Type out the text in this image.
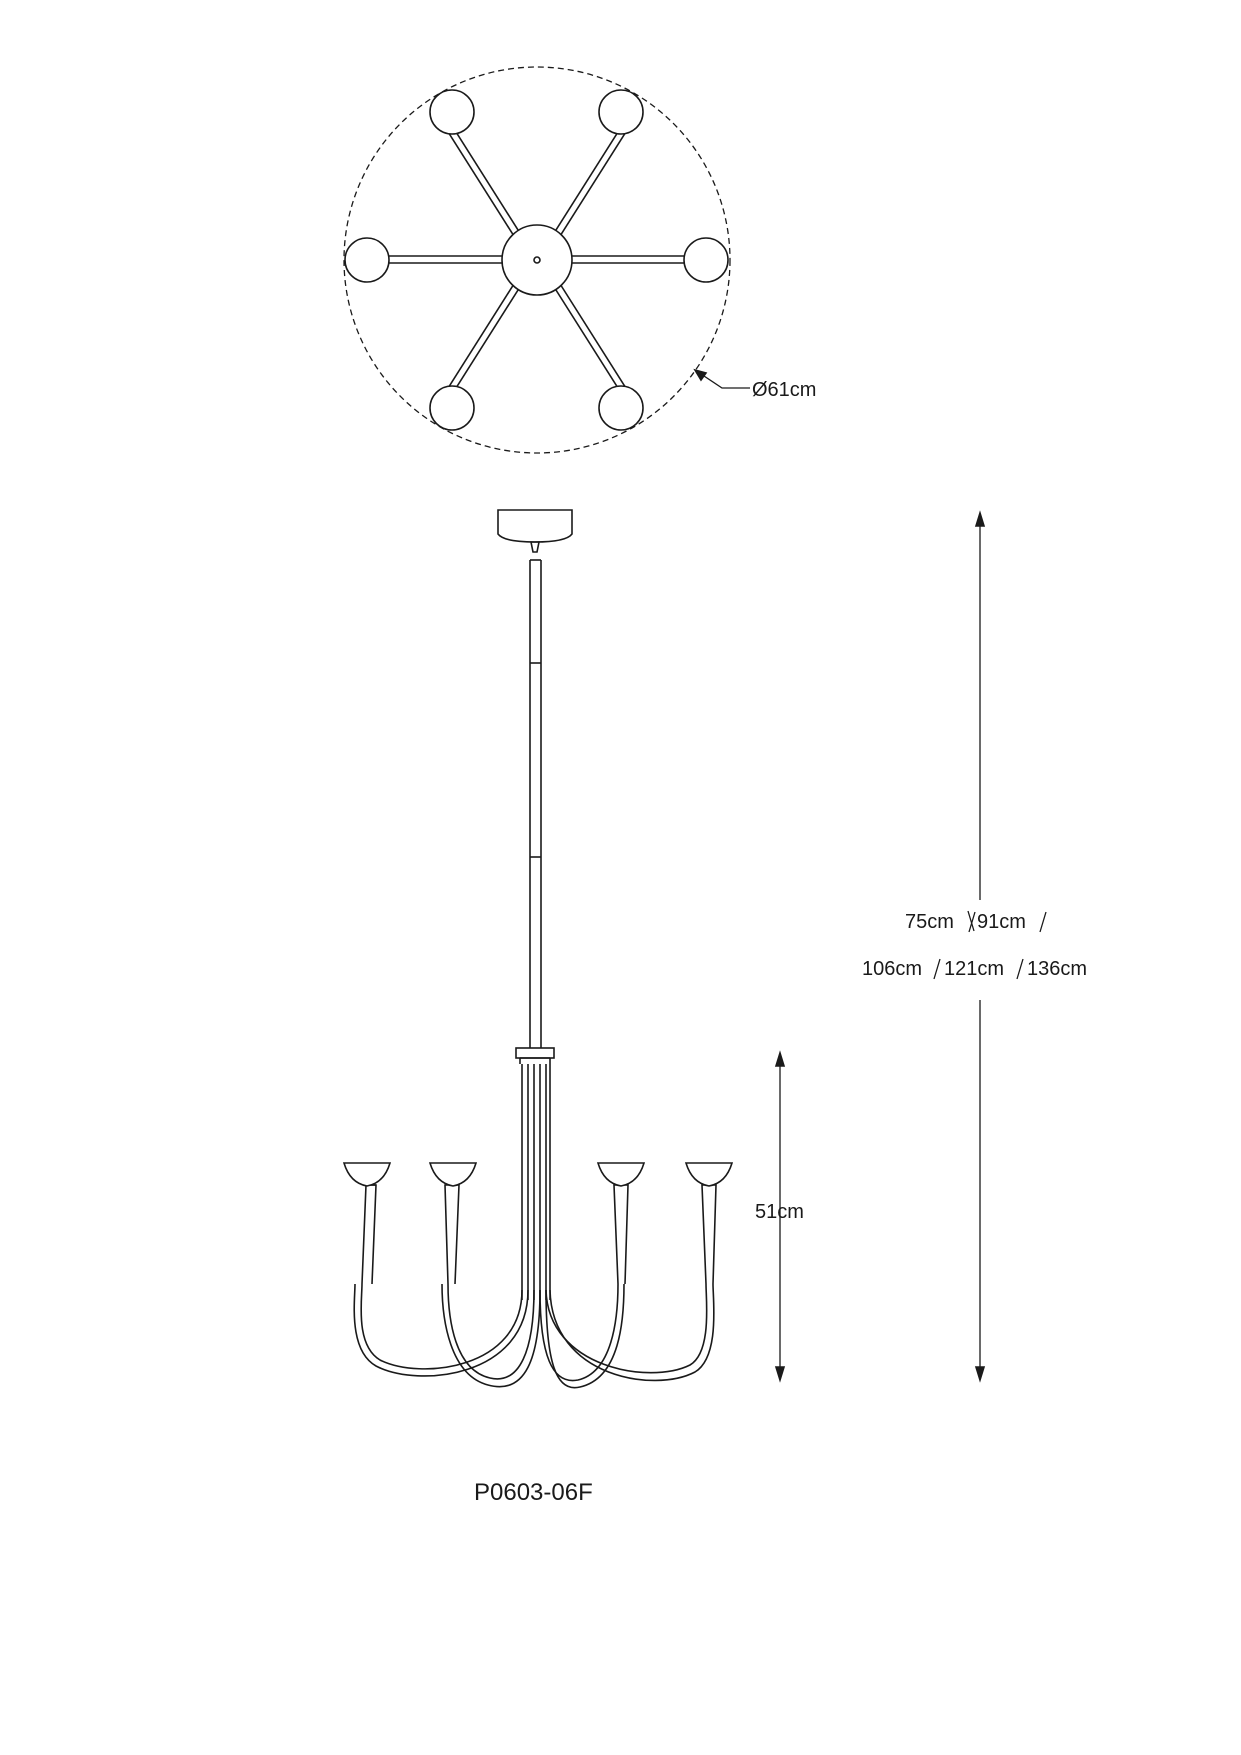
Ø61cm
75cm 91cm
106cm 121cm 136cm
51cm
P0603-06F
